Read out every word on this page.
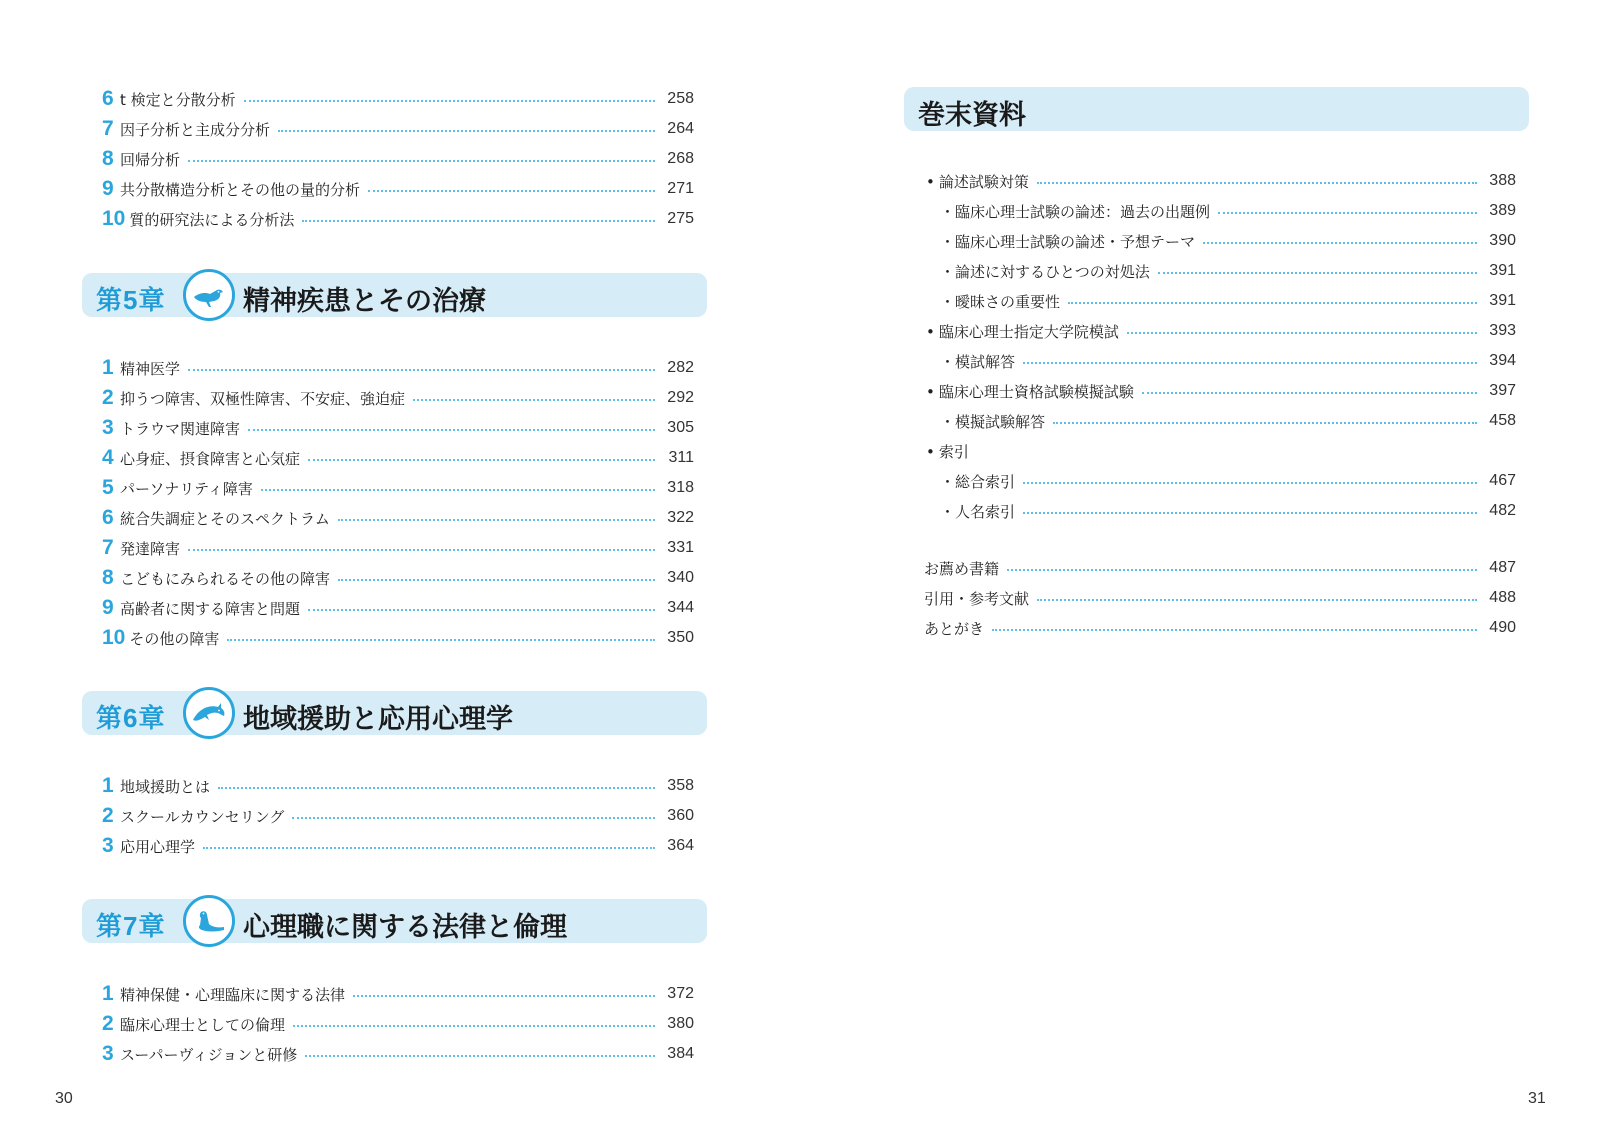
6 t 検定と分散分析	258
7 因子分析と主成分分析	264
8 回帰分析	268
9 共分散構造分析とその他の量的分析	271
10 質的研究法による分析法	275
第5章	精神疾患とその治療
1 精神医学	282
2 抑うつ障害、双極性障害、不安症、強迫症	292
3 トラウマ関連障害	305
4 心身症、摂食障害と心気症	311
5 パーソナリティ障害	318
6 統合失調症とそのスペクトラム	322
7 発達障害	331
8 こどもにみられるその他の障害	340
9 高齢者に関する障害と問題	344
10 その他の障害	350
第6章	地域援助と応用心理学
1 地域援助とは	358
2 スクールカウンセリング	360
3 応用心理学	364
第7章	心理職に関する法律と倫理
1 精神保健・心理臨床に関する法律	372
2 臨床心理士としての倫理	380
3 スーパーヴィジョンと研修	384
30
巻末資料
• 論述試験対策	388
・ 臨床心理士試験の論述：過去の出題例	389
・ 臨床心理士試験の論述・予想テーマ	390
・ 論述に対するひとつの対処法	391
・ 曖昧さの重要性	391
• 臨床心理士指定大学院模試	393
・ 模試解答	394
• 臨床心理士資格試験模擬試験	397
・ 模擬試験解答	458
• 索引
・ 総合索引	467
・ 人名索引	482
お薦め書籍	487
引用・参考文献	488
あとがき	490
31
